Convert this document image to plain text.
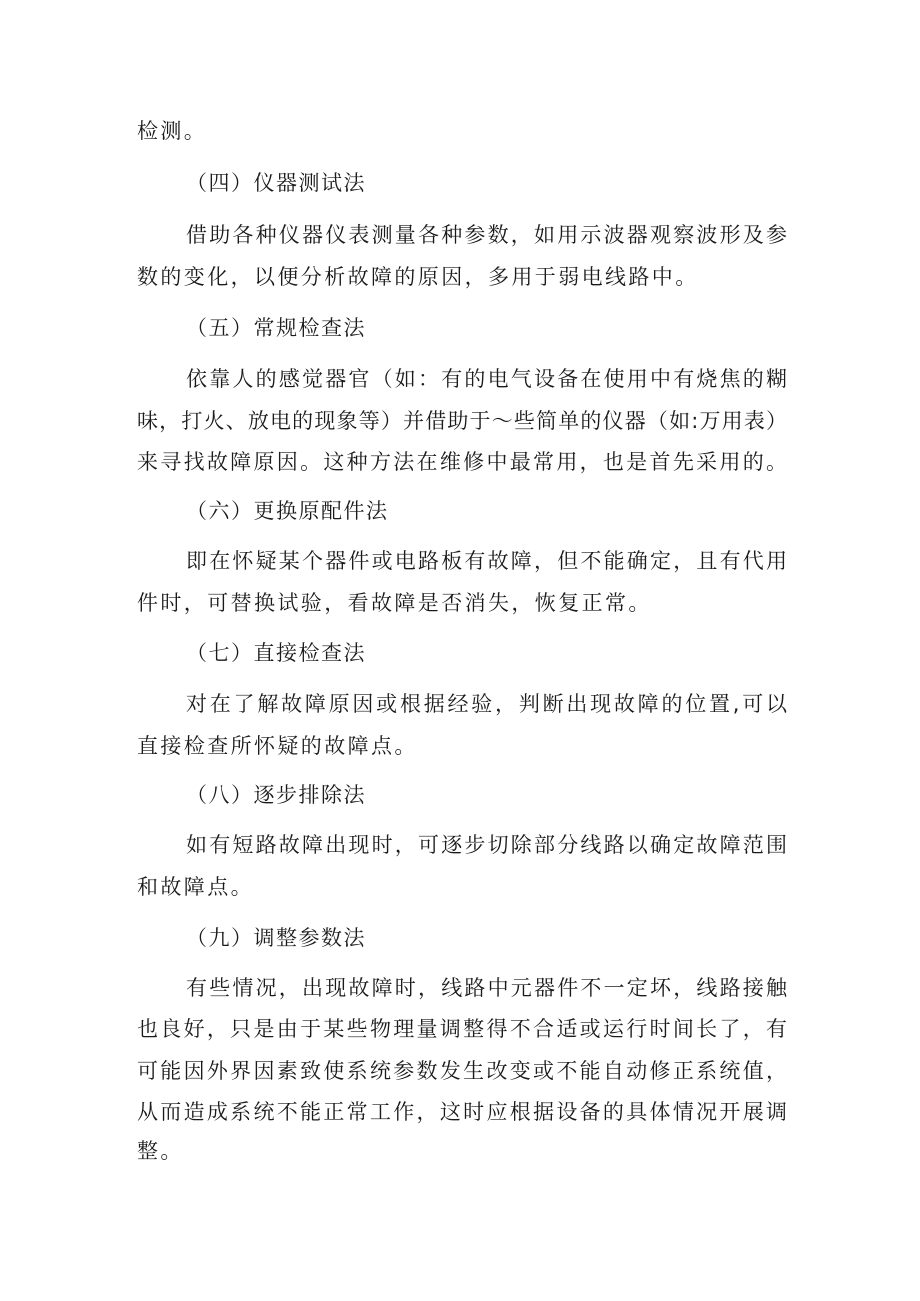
检测。
（四）仪器测试法
借助各种仪器仪表测量各种参数，如用示波器观察波形及参
数的变化，以便分析故障的原因，多用于弱电线路中。
（五）常规检查法
依靠人的感觉器官（如：有的电气设备在使用中有烧焦的糊
味，打火、放电的现象等）并借助于～些简单的仪器（如:万用表）
来寻找故障原因。这种方法在维修中最常用，也是首先采用的。
（六）更换原配件法
即在怀疑某个器件或电路板有故障，但不能确定，且有代用
件时，可替换试验，看故障是否消失，恢复正常。
（七）直接检查法
对在了解故障原因或根据经验，判断出现故障的位置,可以
直接检查所怀疑的故障点。
（八）逐步排除法
如有短路故障出现时，可逐步切除部分线路以确定故障范围
和故障点。
（九）调整参数法
有些情况，出现故障时，线路中元器件不一定坏，线路接触
也良好，只是由于某些物理量调整得不合适或运行时间长了，有
可能因外界因素致使系统参数发生改变或不能自动修正系统值，
从而造成系统不能正常工作，这时应根据设备的具体情况开展调
整。
